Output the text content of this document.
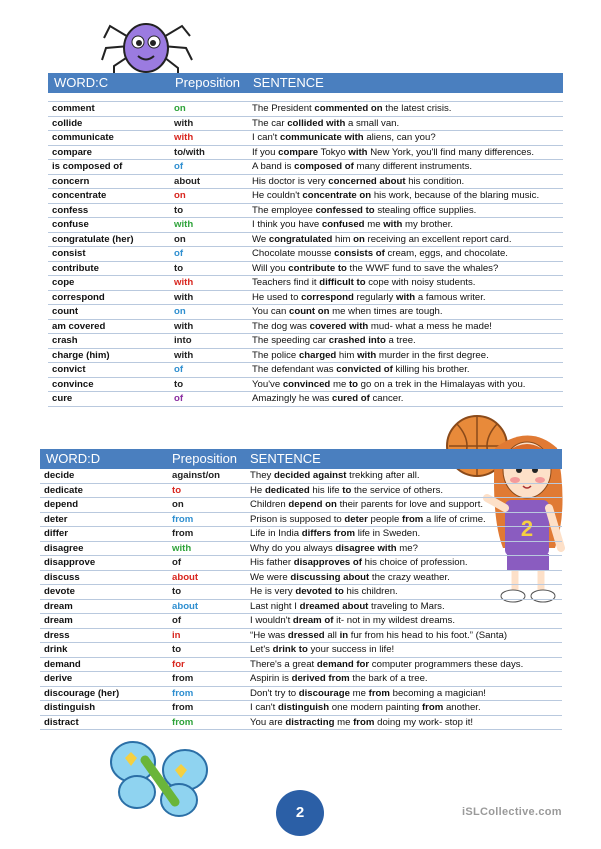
WORD:C	Preposition SENTENCE

comment	on	The President commented on the latest crisis.
collide	with	The car collided with a small van.
communicate	with	I can't communicate with aliens, can you?
compare	to/with	If you compare Tokyo with New York, you'll find many differences.
is composed of	of	A band is composed of many different instruments.
concern	about	His doctor is very concerned about his condition.
concentrate	on	He couldn't concentrate on his work, because of the blaring music.
confess	to	The employee confessed to stealing office supplies.
confuse	with	I think you have confused me with my brother.
congratulate (her)	on	We congratulated him on receiving an excellent report card.
consist	of	Chocolate mousse consists of cream, eggs, and chocolate.
contribute	to	Will you contribute to the WWF fund to save the whales?
cope	with	Teachers find it difficult to cope with noisy students.
correspond	with	He used to correspond regularly with a famous writer.
count	on	You can count on me when times are tough.
am covered	with	The dog was covered with mud- what a mess he made!
crash	into	The speeding car crashed into a tree.
charge (him)	with	The police charged him with murder in the first degree.
convict	of	The defendant was convicted of killing his brother.
convince	to	You've convinced me to go on a trek in the Himalayas with you.
cure	of	Amazingly he was cured of cancer.
2
WORD:D	Preposition SENTENCE
decide	against/on	They decided against trekking after all.
dedicate	to	He dedicated his life to the service of others.
depend	on	Children depend on their parents for love and support.
deter	from	Prison is supposed to deter people from a life of crime.
differ	from	Life in India differs from life in Sweden.
disagree	with	Why do you always disagree with me?
disapprove	of	His father disapproves of his choice of profession.
discuss	about	We were discussing about the crazy weather.
devote	to	He is very devoted to his children.
dream	about	Last night I dreamed about traveling to Mars.
dream	of	I wouldn't dream of it- not in my wildest dreams.
dress	in	“He was dressed all in fur from his head to his foot.” (Santa)
drink	to	Let's drink to your success in life!
demand	for	There's a great demand for computer programmers these days.
derive	from	Aspirin is derived from the bark of a tree.
discourage (her)	from	Don't try to discourage me from becoming a magician!
distinguish	from	I can't distinguish one modern painting from another.
distract	from	You are distracting me from doing my work- stop it!
2	iSLCollective.com
